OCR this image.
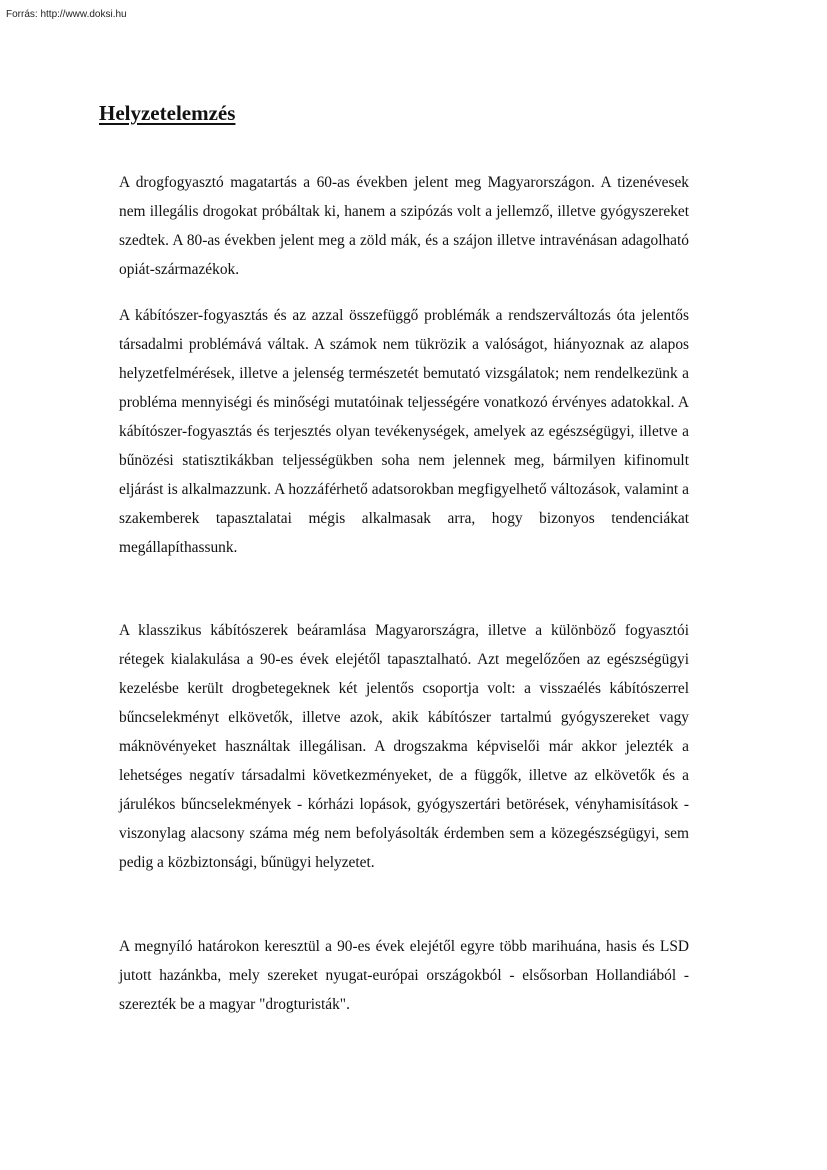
Forrás: http://www.doksi.hu
Helyzetelemzés

A drogfogyasztó magatartás a 60-as években jelent meg Magyarországon. A tizenévesek nem illegális drogokat próbáltak ki, hanem a szipózás volt a jellemző, illetve gyógyszereket szedtek. A 80-as években jelent meg a zöld mák, és a szájon illetve intravénásan adagolható opiát-származékok.

A kábítószer-fogyasztás és az azzal összefüggő problémák a rendszerváltozás óta jelentős társadalmi problémává váltak. A számok nem tükrözik a valóságot, hiányoznak az alapos helyzetfelmérések, illetve a jelenség természetét bemutató vizsgálatok; nem rendelkezünk a probléma mennyiségi és minőségi mutatóinak teljességére vonatkozó érvényes adatokkal. A kábítószer-fogyasztás és terjesztés olyan tevékenységek, amelyek az egészségügyi, illetve a bűnözési statisztikákban teljességükben soha nem jelennek meg, bármilyen kifinomult eljárást is alkalmazzunk. A hozzáférhető adatsorokban megfigyelhető változások, valamint a szakemberek tapasztalatai mégis alkalmasak arra, hogy bizonyos tendenciákat megállapíthassunk.

A klasszikus kábítószerek beáramlása Magyarországra, illetve a különböző fogyasztói rétegek kialakulása a 90-es évek elejétől tapasztalható. Azt megelőzően az egészségügyi kezelésbe került drogbetegeknek két jelentős csoportja volt: a visszaélés kábítószerrel bűncselekményt elkövetők, illetve azok, akik kábítószer tartalmú gyógyszereket vagy máknövényeket használtak illegálisan. A drogszakma képviselői már akkor jelezték a lehetséges negatív társadalmi következményeket, de a függők, illetve az elkövetők és a járulékos bűncselekmények - kórházi lopások, gyógyszertári betörések, vényhamisítások - viszonylag alacsony száma még nem befolyásolták érdemben sem a közegészségügyi, sem pedig a közbiztonsági, bűnügyi helyzetet.

A megnyíló határokon keresztül a 90-es évek elejétől egyre több marihuána, hasis és LSD jutott hazánkba, mely szereket nyugat-európai országokból - elsősorban Hollandiából - szerezték be a magyar "drogturisták".
